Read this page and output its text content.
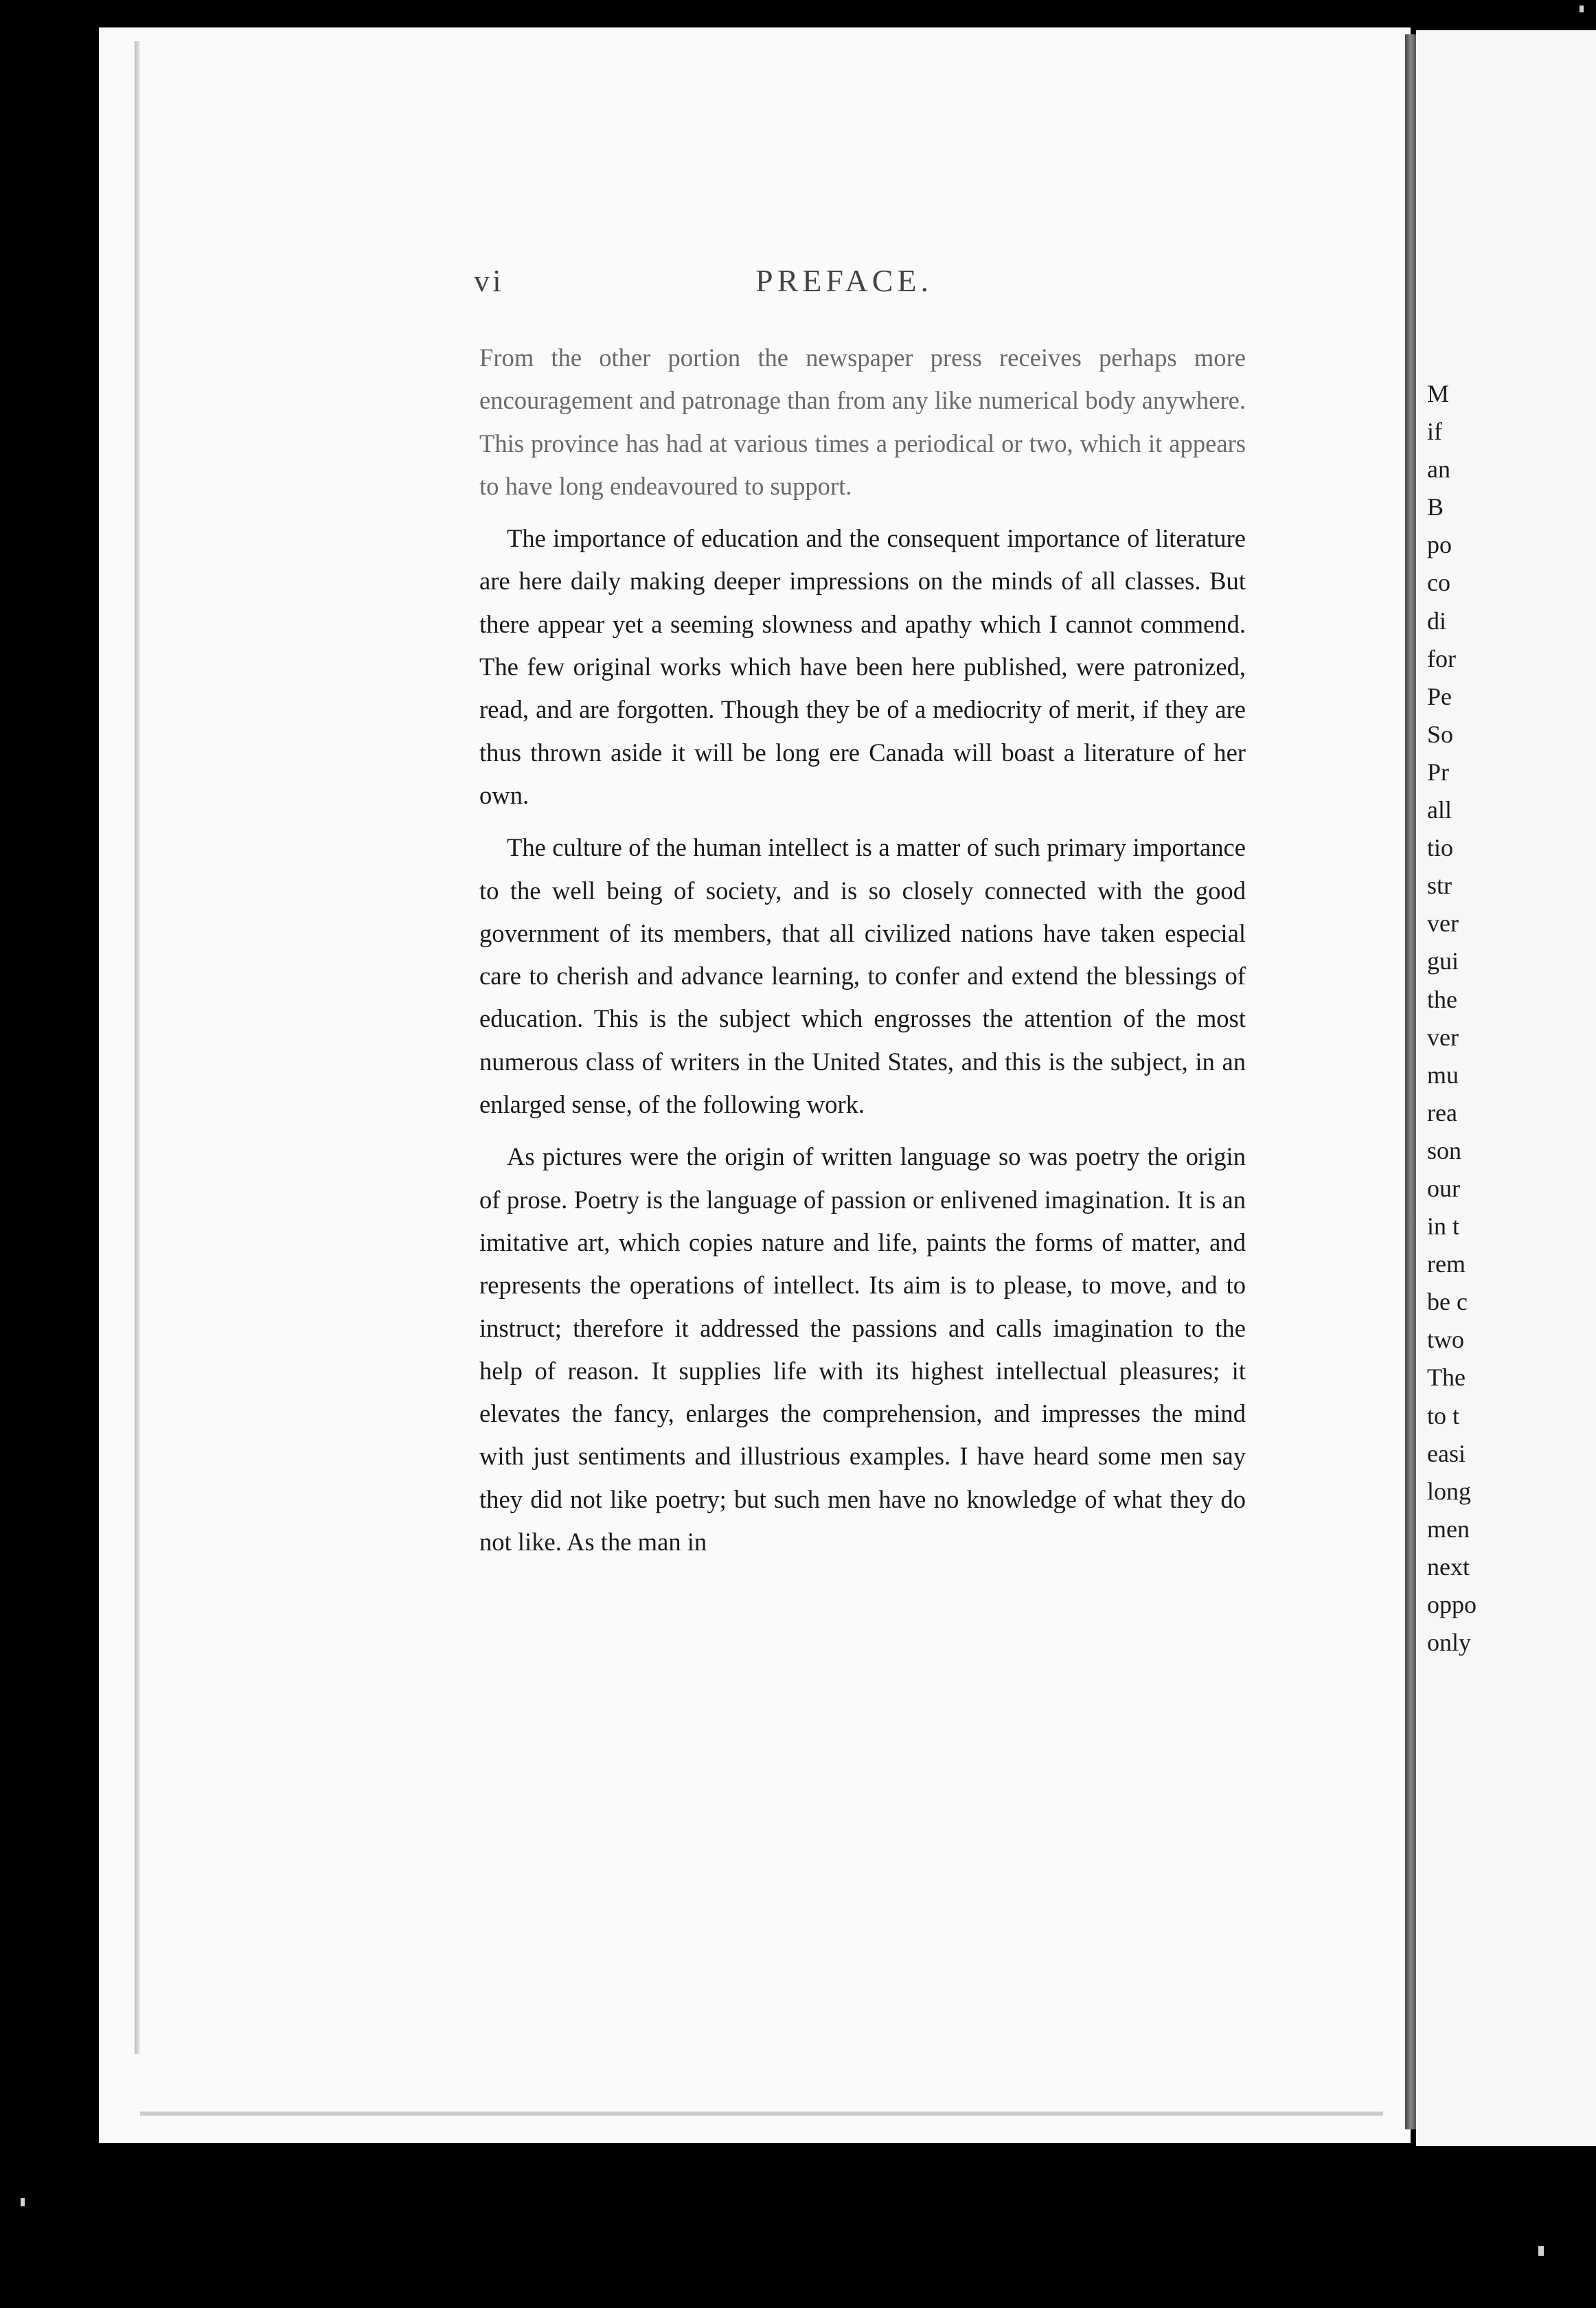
vi	PREFACE.

From the other portion the newspaper press receives perhaps more encouragement and patronage than from any like numerical body anywhere. This province has had at various times a periodical or two, which it appears to have long endeavoured to support.

The importance of education and the consequent importance of literature are here daily making deeper impressions on the minds of all classes. But there appear yet a seeming slowness and apathy which I cannot commend. The few original works which have been here published, were patronized, read, and are forgotten. Though they be of a mediocrity of merit, if they are thus thrown aside it will be long ere Canada will boast a literature of her own.

The culture of the human intellect is a matter of such primary importance to the well being of society, and is so closely connected with the good government of its members, that all civilized nations have taken especial care to cherish and advance learning, to confer and extend the blessings of education. This is the subject which engrosses the attention of the most numerous class of writers in the United States, and this is the subject, in an enlarged sense, of the following work.

As pictures were the origin of written language so was poetry the origin of prose. Poetry is the language of passion or enlivened imagination. It is an imitative art, which copies nature and life, paints the forms of matter, and represents the operations of intellect. Its aim is to please, to move, and to instruct; therefore it addressed the passions and calls imagination to the help of reason. It supplies life with its highest intellectual pleasures; it elevates the fancy, enlarges the comprehension, and impresses the mind with just sentiments and illustrious examples. I have heard some men say they did not like poetry; but such men have no knowledge of what they do not like. As the man in

M
if
an
B
po
co
di
for
Pe
So
Pr
all
tio
str
ver
gui
the
ver
mu
rea
son
our
in t
rem
be c
two
The
to t
easi
long
men
next
oppo
only
